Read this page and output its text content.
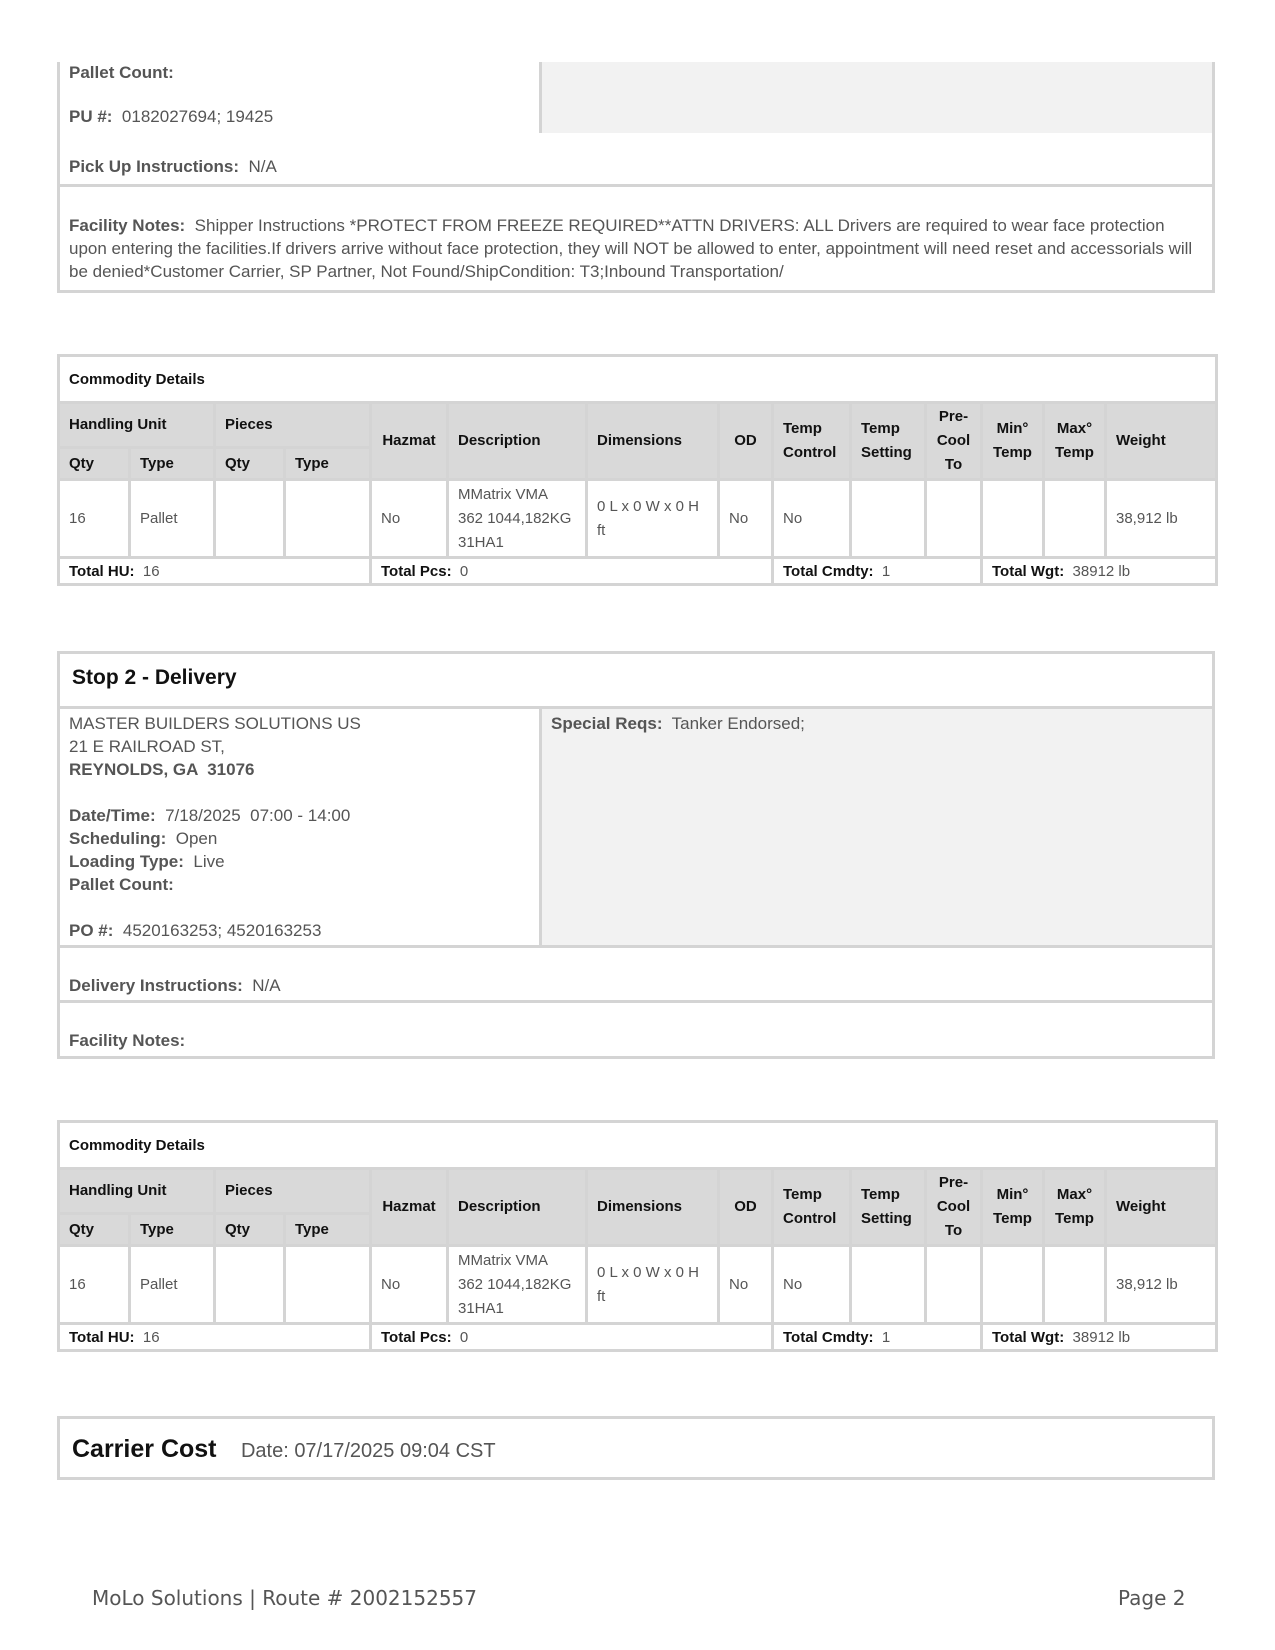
Pallet Count:
PU #: 0182027694; 19425
Pick Up Instructions: N/A
Facility Notes: Shipper Instructions *PROTECT FROM FREEZE REQUIRED**ATTN DRIVERS: ALL Drivers are required to wear face protection upon entering the facilities.If drivers arrive without face protection, they will NOT be allowed to enter, appointment will need reset and accessorials will be denied*Customer Carrier, SP Partner, Not Found/ShipCondition: T3;Inbound Transportation/
Commodity Details													
Handling Unit		Pieces		Hazmat	Description	Dimensions	OD	Temp Control	Temp Setting	Pre-Cool To	Min° Temp	Max° Temp	Weight
Qty	Type	Qty	Type										
16	Pallet			No	MMatrix VMA 362 1044,182KG 31HA1	0 L x 0 W x 0 H ft	No	No					38,912 lb
Total HU: 16				Total Pcs: 0				Total Cmdty: 1			Total Wgt: 38912 lb		
Stop 2 - Delivery
MASTER BUILDERS SOLUTIONS US
21 E RAILROAD ST,
REYNOLDS, GA  31076
Date/Time: 7/18/2025  07:00 - 14:00
Scheduling: Open
Loading Type: Live
Pallet Count:
PO #: 4520163253; 4520163253
Special Reqs: Tanker Endorsed;
Delivery Instructions: N/A
Facility Notes:
Commodity Details													
Handling Unit		Pieces		Hazmat	Description	Dimensions	OD	Temp Control	Temp Setting	Pre-Cool To	Min° Temp	Max° Temp	Weight
Qty	Type	Qty	Type										
16	Pallet			No	MMatrix VMA 362 1044,182KG 31HA1	0 L x 0 W x 0 H ft	No	No					38,912 lb
Total HU: 16				Total Pcs: 0				Total Cmdty: 1			Total Wgt: 38912 lb		
Carrier Cost Date: 07/17/2025 09:04 CST
MoLo Solutions | Route # 2002152557	Page 2
